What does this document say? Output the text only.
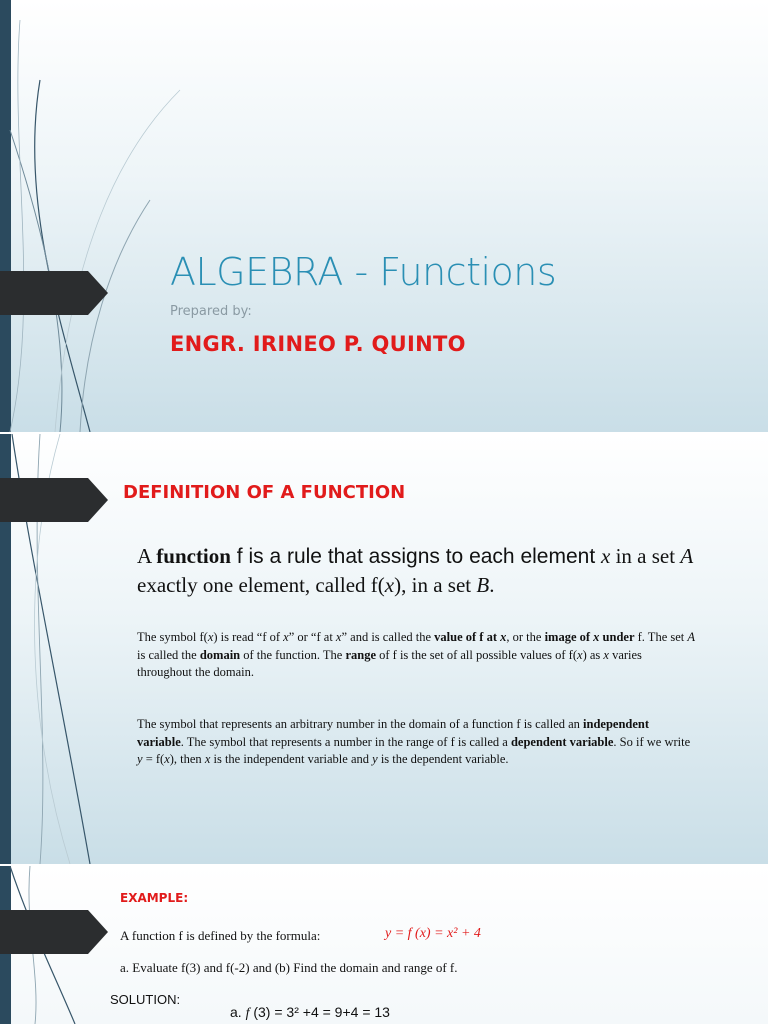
ALGEBRA - Functions
Prepared by:
ENGR. IRINEO P. QUINTO
DEFINITION OF A FUNCTION
A function f is a rule that assigns to each element x in a set A exactly one element, called f(x), in a set B.
The symbol f(x) is read “f of x” or “f at x” and is called the value of f at x, or the image of x under f. The set A is called the domain of the function. The range of f is the set of all possible values of f(x) as x varies throughout the domain.
The symbol that represents an arbitrary number in the domain of a function f is called an independent variable. The symbol that represents a number in the range of f is called a dependent variable. So if we write y = f(x), then x is the independent variable and y is the dependent variable.
EXAMPLE:
A function f is defined by the formula:	y = f (x) = x² + 4
a. Evaluate f(3) and f(-2) and (b) Find the domain and range of f.
SOLUTION:
a. f (3) = 3² +4 = 9+4 = 13
